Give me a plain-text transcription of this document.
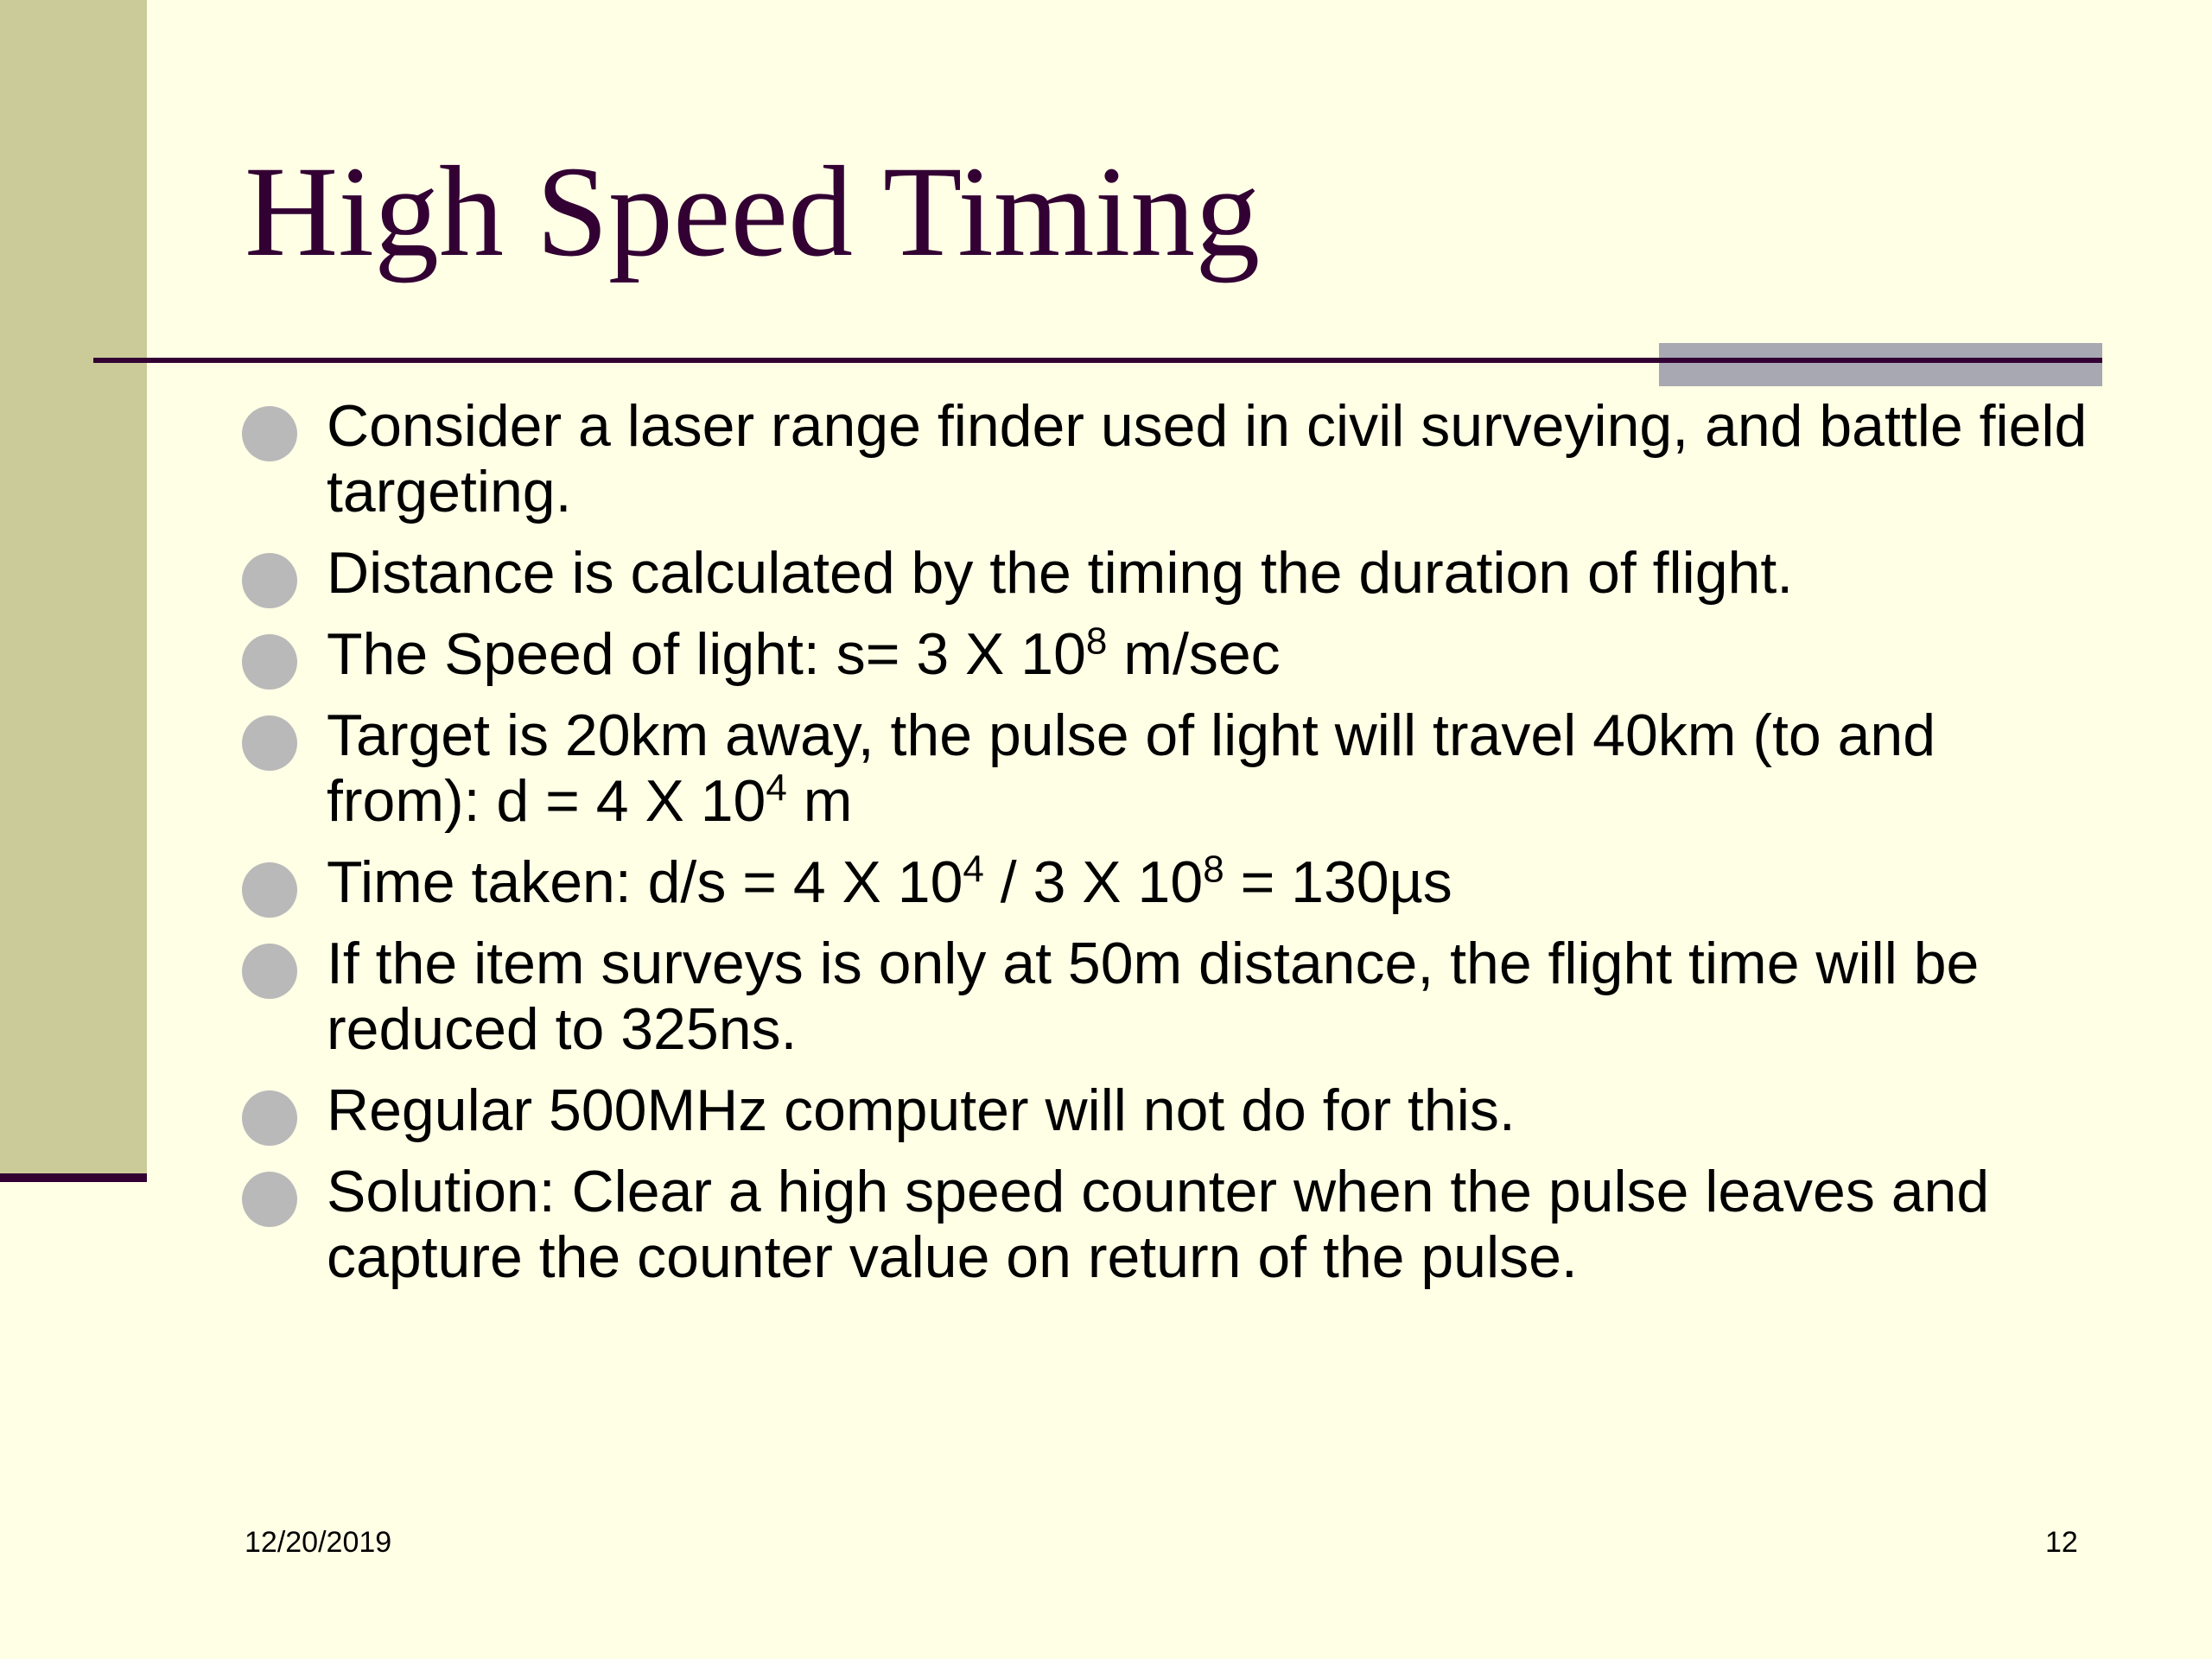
High Speed Timing
Consider a laser range finder used in civil surveying, and battle field targeting.
Distance is calculated by the timing the duration of flight.
The Speed of light: s= 3 X $10^8$ m/sec
Target is 20km away, the pulse of light will travel 40km (to and from): d = 4 X $10^4$ m
Time taken: d/s = 4 X $10^4 / 3$ X $10^8 = 130\mu s$
If the item surveys is only at 50m distance, the flight time will be reduced to 325ns.
Regular 500MHz computer will not do for this.
Solution: Clear a high speed counter when the pulse leaves and capture the counter value on return of the pulse.
12/20/2019	12
